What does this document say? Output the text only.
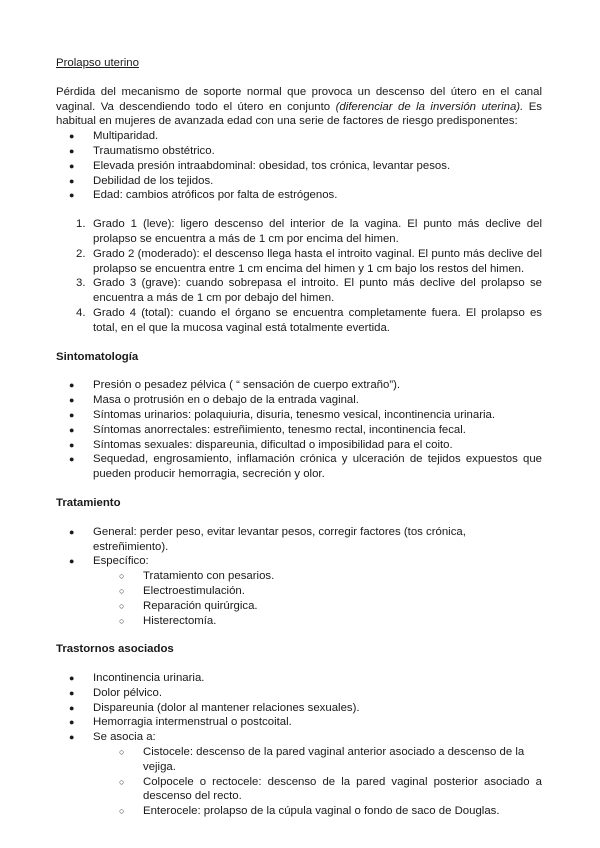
Prolapso uterino

Pérdida del mecanismo de soporte normal que provoca un descenso del útero en el canal vaginal. Va descendiendo todo el útero en conjunto (diferenciar de la inversión uterina). Es habitual en mujeres de avanzada edad con una serie de factores de riesgo predisponentes:

● Multiparidad.
● Traumatismo obstétrico.
● Elevada presión intraabdominal: obesidad, tos crónica, levantar pesos.
● Debilidad de los tejidos.
● Edad: cambios atróficos por falta de estrógenos.
1. Grado 1 (leve): ligero descenso del interior de la vagina. El punto más declive del prolapso se encuentra a más de 1 cm por encima del himen.
2. Grado 2 (moderado): el descenso llega hasta el introito vaginal. El punto más declive del prolapso se encuentra entre 1 cm encima del himen y 1 cm bajo los restos del himen.
3. Grado 3 (grave): cuando sobrepasa el introito. El punto más declive del prolapso se encuentra a más de 1 cm por debajo del himen.
4. Grado 4 (total): cuando el órgano se encuentra completamente fuera. El prolapso es total, en el que la mucosa vaginal está totalmente evertida.
Sintomatología
● Presión o pesadez pélvica ( “ sensación de cuerpo extraño”).
● Masa o protrusión en o debajo de la entrada vaginal.
● Síntomas urinarios: polaquiuria, disuria, tenesmo vesical, incontinencia urinaria.
● Síntomas anorrectales: estreñimiento, tenesmo rectal, incontinencia fecal.
● Síntomas sexuales: dispareunia, dificultad o imposibilidad para el coito.
● Sequedad, engrosamiento, inflamación crónica y ulceración de tejidos expuestos que pueden producir hemorragia, secreción y olor.
Tratamiento
● General: perder peso, evitar levantar pesos, corregir factores (tos crónica, estreñimiento).
● Específico:
○ Tratamiento con pesarios.
○ Electroestimulación.
○ Reparación quirúrgica.
○ Histerectomía.
Trastornos asociados
● Incontinencia urinaria.
● Dolor pélvico.
● Dispareunia (dolor al mantener relaciones sexuales).
● Hemorragia intermenstrual o postcoital.
● Se asocia a:
○ Cistocele: descenso de la pared vaginal anterior asociado a descenso de la vejiga.
○ Colpocele o rectocele: descenso de la pared vaginal posterior asociado a descenso del recto.
○ Enterocele: prolapso de la cúpula vaginal o fondo de saco de Douglas.
